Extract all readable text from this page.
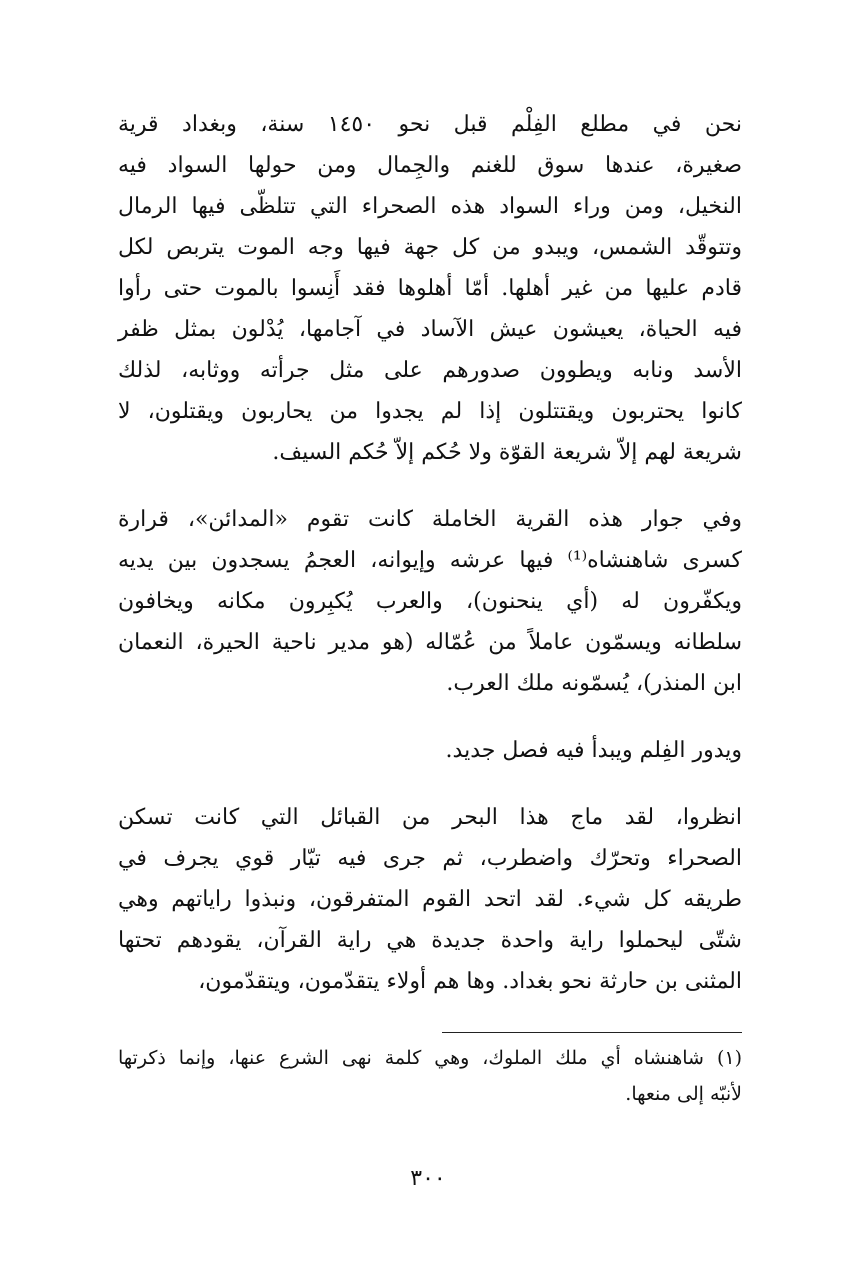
نحن في مطلع الفِلْم قبل نحو ١٤٥٠ سنة، وبغداد قرية
صغيرة، عندها سوق للغنم والجِمال ومن حولها السواد فيه
النخيل، ومن وراء السواد هذه الصحراء التي تتلظّى فيها الرمال
وتتوقّد الشمس، ويبدو من كل جهة فيها وجه الموت يتربص لكل
قادم عليها من غير أهلها. أمّا أهلوها فقد أَنِسوا بالموت حتى رأوا
فيه الحياة، يعيشون عيش الآساد في آجامها، يُدْلون بمثل ظفر
الأسد ونابه ويطوون صدورهم على مثل جرأته ووثابه، لذلك
كانوا يحتربون ويقتتلون إذا لم يجدوا من يحاربون ويقتلون، لا
شريعة لهم إلاّ شريعة القوّة ولا حُكم إلاّ حُكم السيف.

وفي جوار هذه القرية الخاملة كانت تقوم «المدائن»، قرارة
كسرى شاهنشاه⁽¹⁾ فيها عرشه وإيوانه، العجمُ يسجدون بين يديه
ويكفّرون له (أي ينحنون)، والعرب يُكبِرون مكانه ويخافون
سلطانه ويسمّون عاملاً من عُمّاله (هو مدير ناحية الحيرة، النعمان
ابن المنذر)، يُسمّونه ملك العرب.

ويدور الفِلم ويبدأ فيه فصل جديد.

انظروا، لقد ماج هذا البحر من القبائل التي كانت تسكن
الصحراء وتحرّك واضطرب، ثم جرى فيه تيّار قوي يجرف في
طريقه كل شيء. لقد اتحد القوم المتفرقون، ونبذوا راياتهم وهي
شتّى ليحملوا راية واحدة جديدة هي راية القرآن، يقودهم تحتها
المثنى بن حارثة نحو بغداد. وها هم أولاء يتقدّمون، ويتقدّمون،

(١) شاهنشاه أي ملك الملوك، وهي كلمة نهى الشرع عنها، وإنما ذكرتها
لأنبّه إلى منعها.
٣٠٠
